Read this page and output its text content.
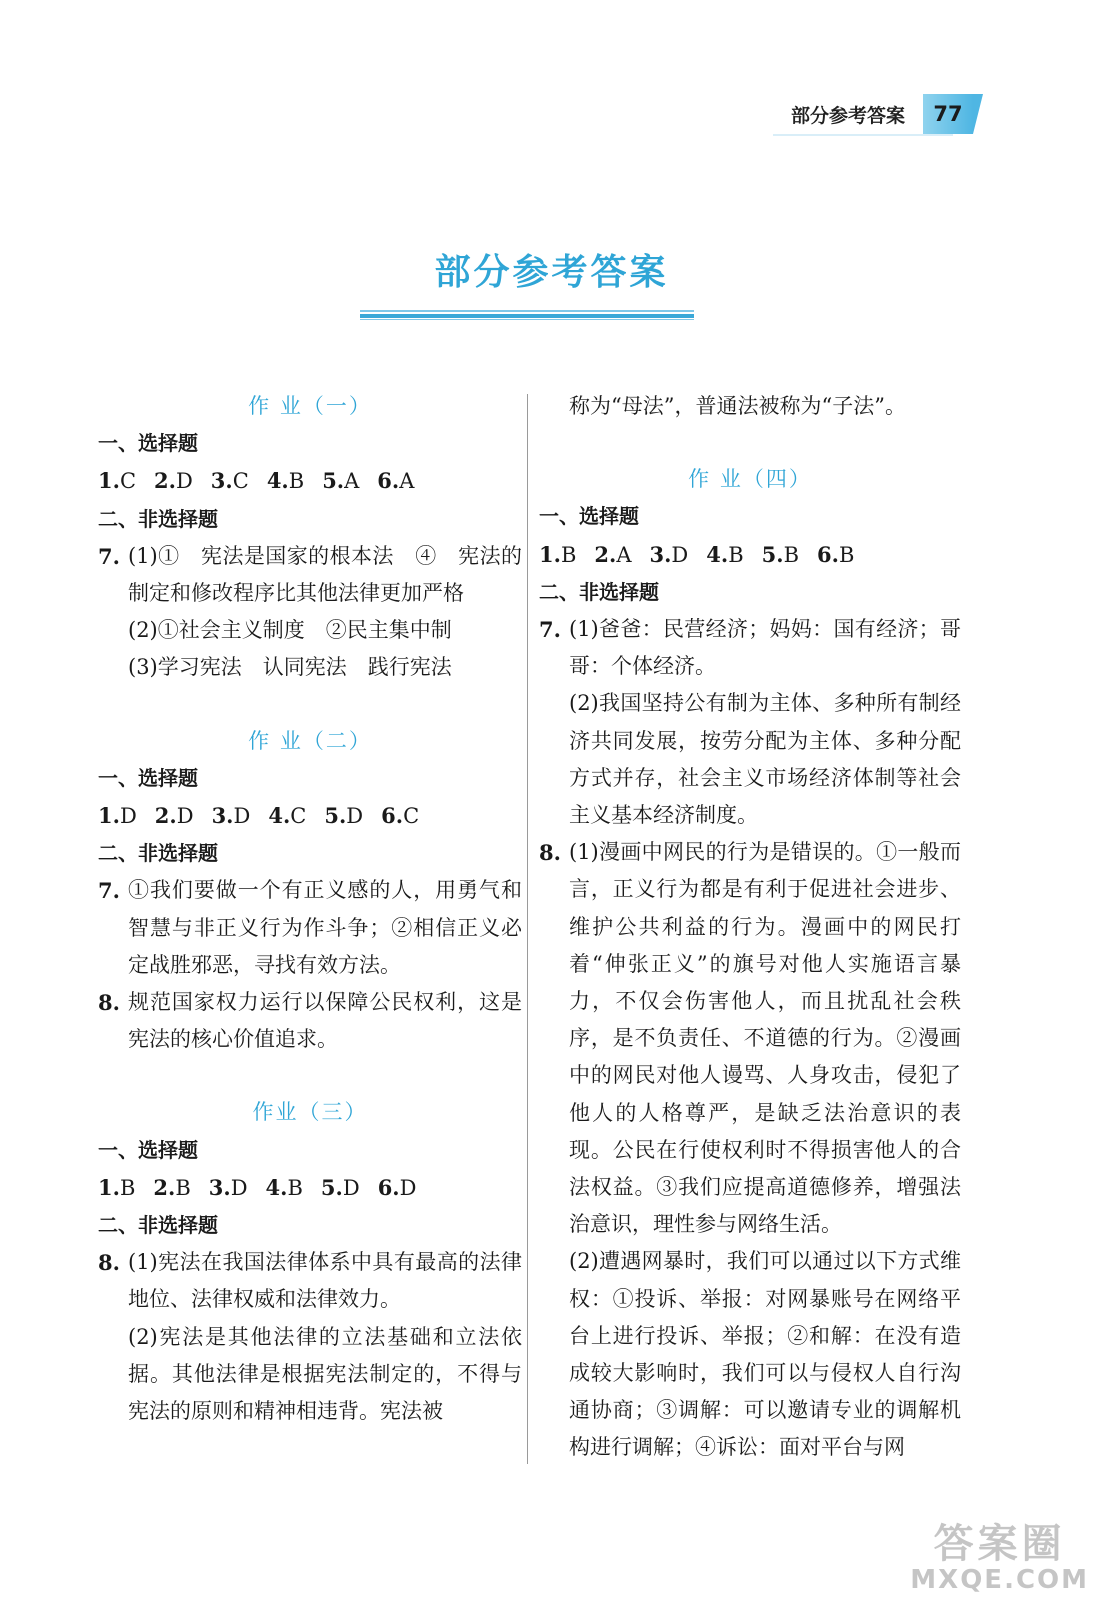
部分参考答案 77
部分参考答案
作 业（一）
一、选择题
1.C 2.D 3.C 4.B 5.A 6.A
二、非选择题
7. (1)①　宪法是国家的根本法　④　宪法的制定和修改程序比其他法律更加严格
(2)①社会主义制度　②民主集中制
(3)学习宪法　认同宪法　践行宪法
作 业（二）
一、选择题
1.D 2.D 3.D 4.C 5.D 6.C
二、非选择题
7. ①我们要做一个有正义感的人，用勇气和智慧与非正义行为作斗争；②相信正义必定战胜邪恶，寻找有效方法。
8. 规范国家权力运行以保障公民权利，这是宪法的核心价值追求。
作业（三）
一、选择题
1.B 2.B 3.D 4.B 5.D 6.D
二、非选择题
8. (1)宪法在我国法律体系中具有最高的法律地位、法律权威和法律效力。
(2)宪法是其他法律的立法基础和立法依据。其他法律是根据宪法制定的，不得与宪法的原则和精神相违背。宪法被
称为“母法”，普通法被称为“子法”。
作 业（四）
一、选择题
1.B 2.A 3.D 4.B 5.B 6.B
二、非选择题
7. (1)爸爸：民营经济；妈妈：国有经济；哥哥：个体经济。
(2)我国坚持公有制为主体、多种所有制经济共同发展，按劳分配为主体、多种分配方式并存，社会主义市场经济体制等社会主义基本经济制度。
8. (1)漫画中网民的行为是错误的。①一般而言，正义行为都是有利于促进社会进步、维护公共利益的行为。漫画中的网民打着“伸张正义”的旗号对他人实施语言暴力，不仅会伤害他人，而且扰乱社会秩序，是不负责任、不道德的行为。②漫画中的网民对他人谩骂、人身攻击，侵犯了他人的人格尊严，是缺乏法治意识的表现。公民在行使权利时不得损害他人的合法权益。③我们应提高道德修养，增强法治意识，理性参与网络生活。
(2)遭遇网暴时，我们可以通过以下方式维权：①投诉、举报：对网暴账号在网络平台上进行投诉、举报；②和解：在没有造成较大影响时，我们可以与侵权人自行沟通协商；③调解：可以邀请专业的调解机构进行调解；④诉讼：面对平台与网
答案圈
MXQE.COM
